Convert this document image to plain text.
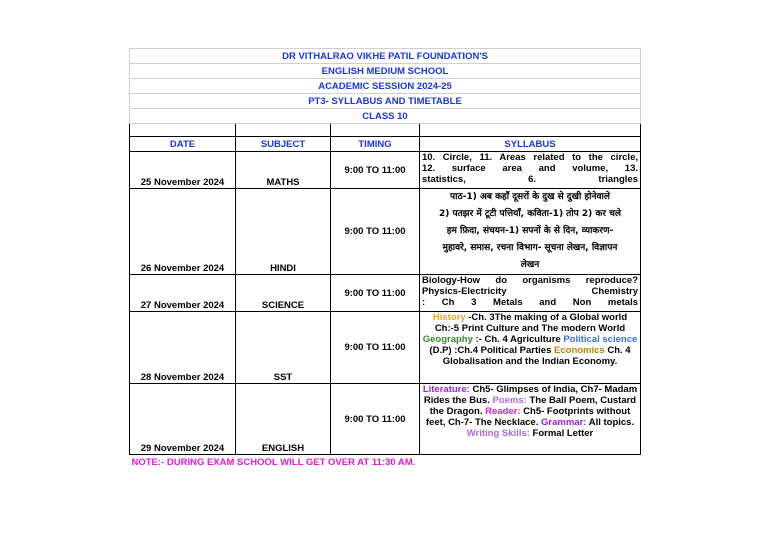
DR VITHALRAO VIKHE PATIL FOUNDATION'S			
ENGLISH MEDIUM SCHOOL			
ACADEMIC SESSION 2024-25			
PT3- SYLLABUS AND TIMETABLE			
CLASS 10			

DATE	SUBJECT	TIMING	SYLLABUS
25 November 2024	MATHS	9:00 TO 11:00	10. Circle, 11. Areas related to the circle,
12. surface area and volume, 13.
statistics, 6. triangles

26 November 2024	HINDI	9:00 TO 11:00	पाठ-1) अब कहाँ दूसरों के दुख से दुखी होनेवाले
2) पतझर में टूटी पत्तियाँ, कविता-1) तोप 2) कर चले
हम फ़िदा, संचयन-1) सपनों के से दिन, व्याकरण-
मुहावरे, समास, रचना विभाग- सूचना लेखन, विज्ञापन
लेखन

27 November 2024	SCIENCE	9:00 TO 11:00	Biology-How do organisms reproduce?
Physics-Electricity Chemistry
: Ch 3 Metals and Non metals

28 November 2024	SST	9:00 TO 11:00	History -Ch. 3The making of a Global world Ch:-5 Print Culture and The modern World Geography :- Ch. 4 Agriculture Political science (D.P) :Ch.4 Political Parties Economics Ch. 4 Globalisation and the Indian Economy.
29 November 2024	ENGLISH	9:00 TO 11:00	Literature: Ch5- Glimpses of India, Ch7- Madam Rides the Bus. Poems: The Ball Poem, Custard the Dragon. Reader: Ch5- Footprints without feet, Ch-7- The Necklace. Grammar: All topics. Writing Skills: Formal Letter
NOTE:- DURING EXAM SCHOOL WILL GET OVER AT 11:30 AM.			
